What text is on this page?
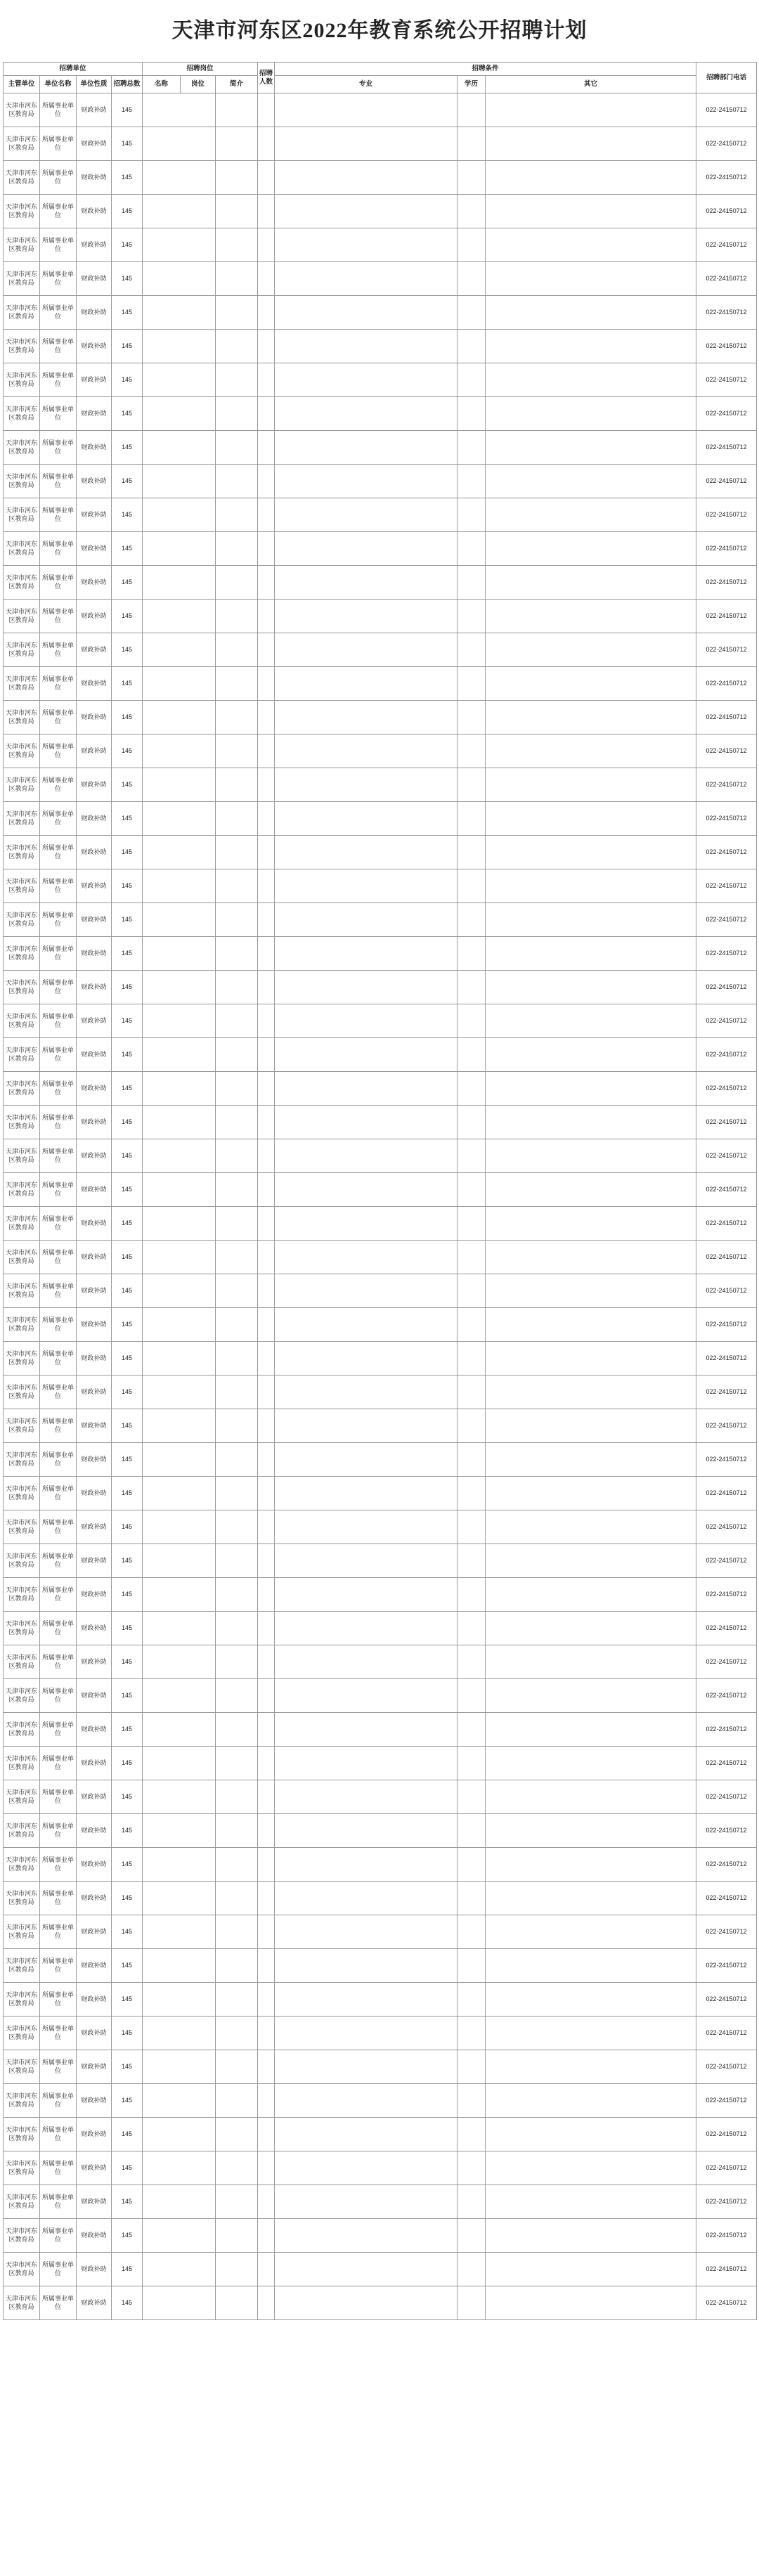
天津市河东区2022年教育系统公开招聘计划
招聘单位				招聘岗位			招聘人数	招聘条件			招聘部门电话
主管单位	单位名称	单位性质	招聘总数	名称	岗位	简介		专业	学历	其它	
天津市河东区教育局	所属事业单位	财政补助	145								022-24150712
天津市河东区教育局	所属事业单位	财政补助	145								022-24150712
天津市河东区教育局	所属事业单位	财政补助	145								022-24150712
天津市河东区教育局	所属事业单位	财政补助	145								022-24150712
天津市河东区教育局	所属事业单位	财政补助	145								022-24150712
天津市河东区教育局	所属事业单位	财政补助	145								022-24150712
天津市河东区教育局	所属事业单位	财政补助	145								022-24150712
天津市河东区教育局	所属事业单位	财政补助	145								022-24150712
天津市河东区教育局	所属事业单位	财政补助	145								022-24150712
天津市河东区教育局	所属事业单位	财政补助	145								022-24150712
天津市河东区教育局	所属事业单位	财政补助	145								022-24150712
天津市河东区教育局	所属事业单位	财政补助	145								022-24150712
天津市河东区教育局	所属事业单位	财政补助	145								022-24150712
天津市河东区教育局	所属事业单位	财政补助	145								022-24150712
天津市河东区教育局	所属事业单位	财政补助	145								022-24150712
天津市河东区教育局	所属事业单位	财政补助	145								022-24150712
天津市河东区教育局	所属事业单位	财政补助	145								022-24150712
天津市河东区教育局	所属事业单位	财政补助	145								022-24150712
天津市河东区教育局	所属事业单位	财政补助	145								022-24150712
天津市河东区教育局	所属事业单位	财政补助	145								022-24150712
天津市河东区教育局	所属事业单位	财政补助	145								022-24150712
天津市河东区教育局	所属事业单位	财政补助	145								022-24150712
天津市河东区教育局	所属事业单位	财政补助	145								022-24150712
天津市河东区教育局	所属事业单位	财政补助	145								022-24150712
天津市河东区教育局	所属事业单位	财政补助	145								022-24150712
天津市河东区教育局	所属事业单位	财政补助	145								022-24150712
天津市河东区教育局	所属事业单位	财政补助	145								022-24150712
天津市河东区教育局	所属事业单位	财政补助	145								022-24150712
天津市河东区教育局	所属事业单位	财政补助	145								022-24150712
天津市河东区教育局	所属事业单位	财政补助	145								022-24150712
天津市河东区教育局	所属事业单位	财政补助	145								022-24150712
天津市河东区教育局	所属事业单位	财政补助	145								022-24150712
天津市河东区教育局	所属事业单位	财政补助	145								022-24150712
天津市河东区教育局	所属事业单位	财政补助	145								022-24150712
天津市河东区教育局	所属事业单位	财政补助	145								022-24150712
天津市河东区教育局	所属事业单位	财政补助	145								022-24150712
天津市河东区教育局	所属事业单位	财政补助	145								022-24150712
天津市河东区教育局	所属事业单位	财政补助	145								022-24150712
天津市河东区教育局	所属事业单位	财政补助	145								022-24150712
天津市河东区教育局	所属事业单位	财政补助	145								022-24150712
天津市河东区教育局	所属事业单位	财政补助	145								022-24150712
天津市河东区教育局	所属事业单位	财政补助	145								022-24150712
天津市河东区教育局	所属事业单位	财政补助	145								022-24150712
天津市河东区教育局	所属事业单位	财政补助	145								022-24150712
天津市河东区教育局	所属事业单位	财政补助	145								022-24150712
天津市河东区教育局	所属事业单位	财政补助	145								022-24150712
天津市河东区教育局	所属事业单位	财政补助	145								022-24150712
天津市河东区教育局	所属事业单位	财政补助	145								022-24150712
天津市河东区教育局	所属事业单位	财政补助	145								022-24150712
天津市河东区教育局	所属事业单位	财政补助	145								022-24150712
天津市河东区教育局	所属事业单位	财政补助	145								022-24150712
天津市河东区教育局	所属事业单位	财政补助	145								022-24150712
天津市河东区教育局	所属事业单位	财政补助	145								022-24150712
天津市河东区教育局	所属事业单位	财政补助	145								022-24150712
天津市河东区教育局	所属事业单位	财政补助	145								022-24150712
天津市河东区教育局	所属事业单位	财政补助	145								022-24150712
天津市河东区教育局	所属事业单位	财政补助	145								022-24150712
天津市河东区教育局	所属事业单位	财政补助	145								022-24150712
天津市河东区教育局	所属事业单位	财政补助	145								022-24150712
天津市河东区教育局	所属事业单位	财政补助	145								022-24150712
天津市河东区教育局	所属事业单位	财政补助	145								022-24150712
天津市河东区教育局	所属事业单位	财政补助	145								022-24150712
天津市河东区教育局	所属事业单位	财政补助	145								022-24150712
天津市河东区教育局	所属事业单位	财政补助	145								022-24150712
天津市河东区教育局	所属事业单位	财政补助	145								022-24150712
天津市河东区教育局	所属事业单位	财政补助	145								022-24150712
